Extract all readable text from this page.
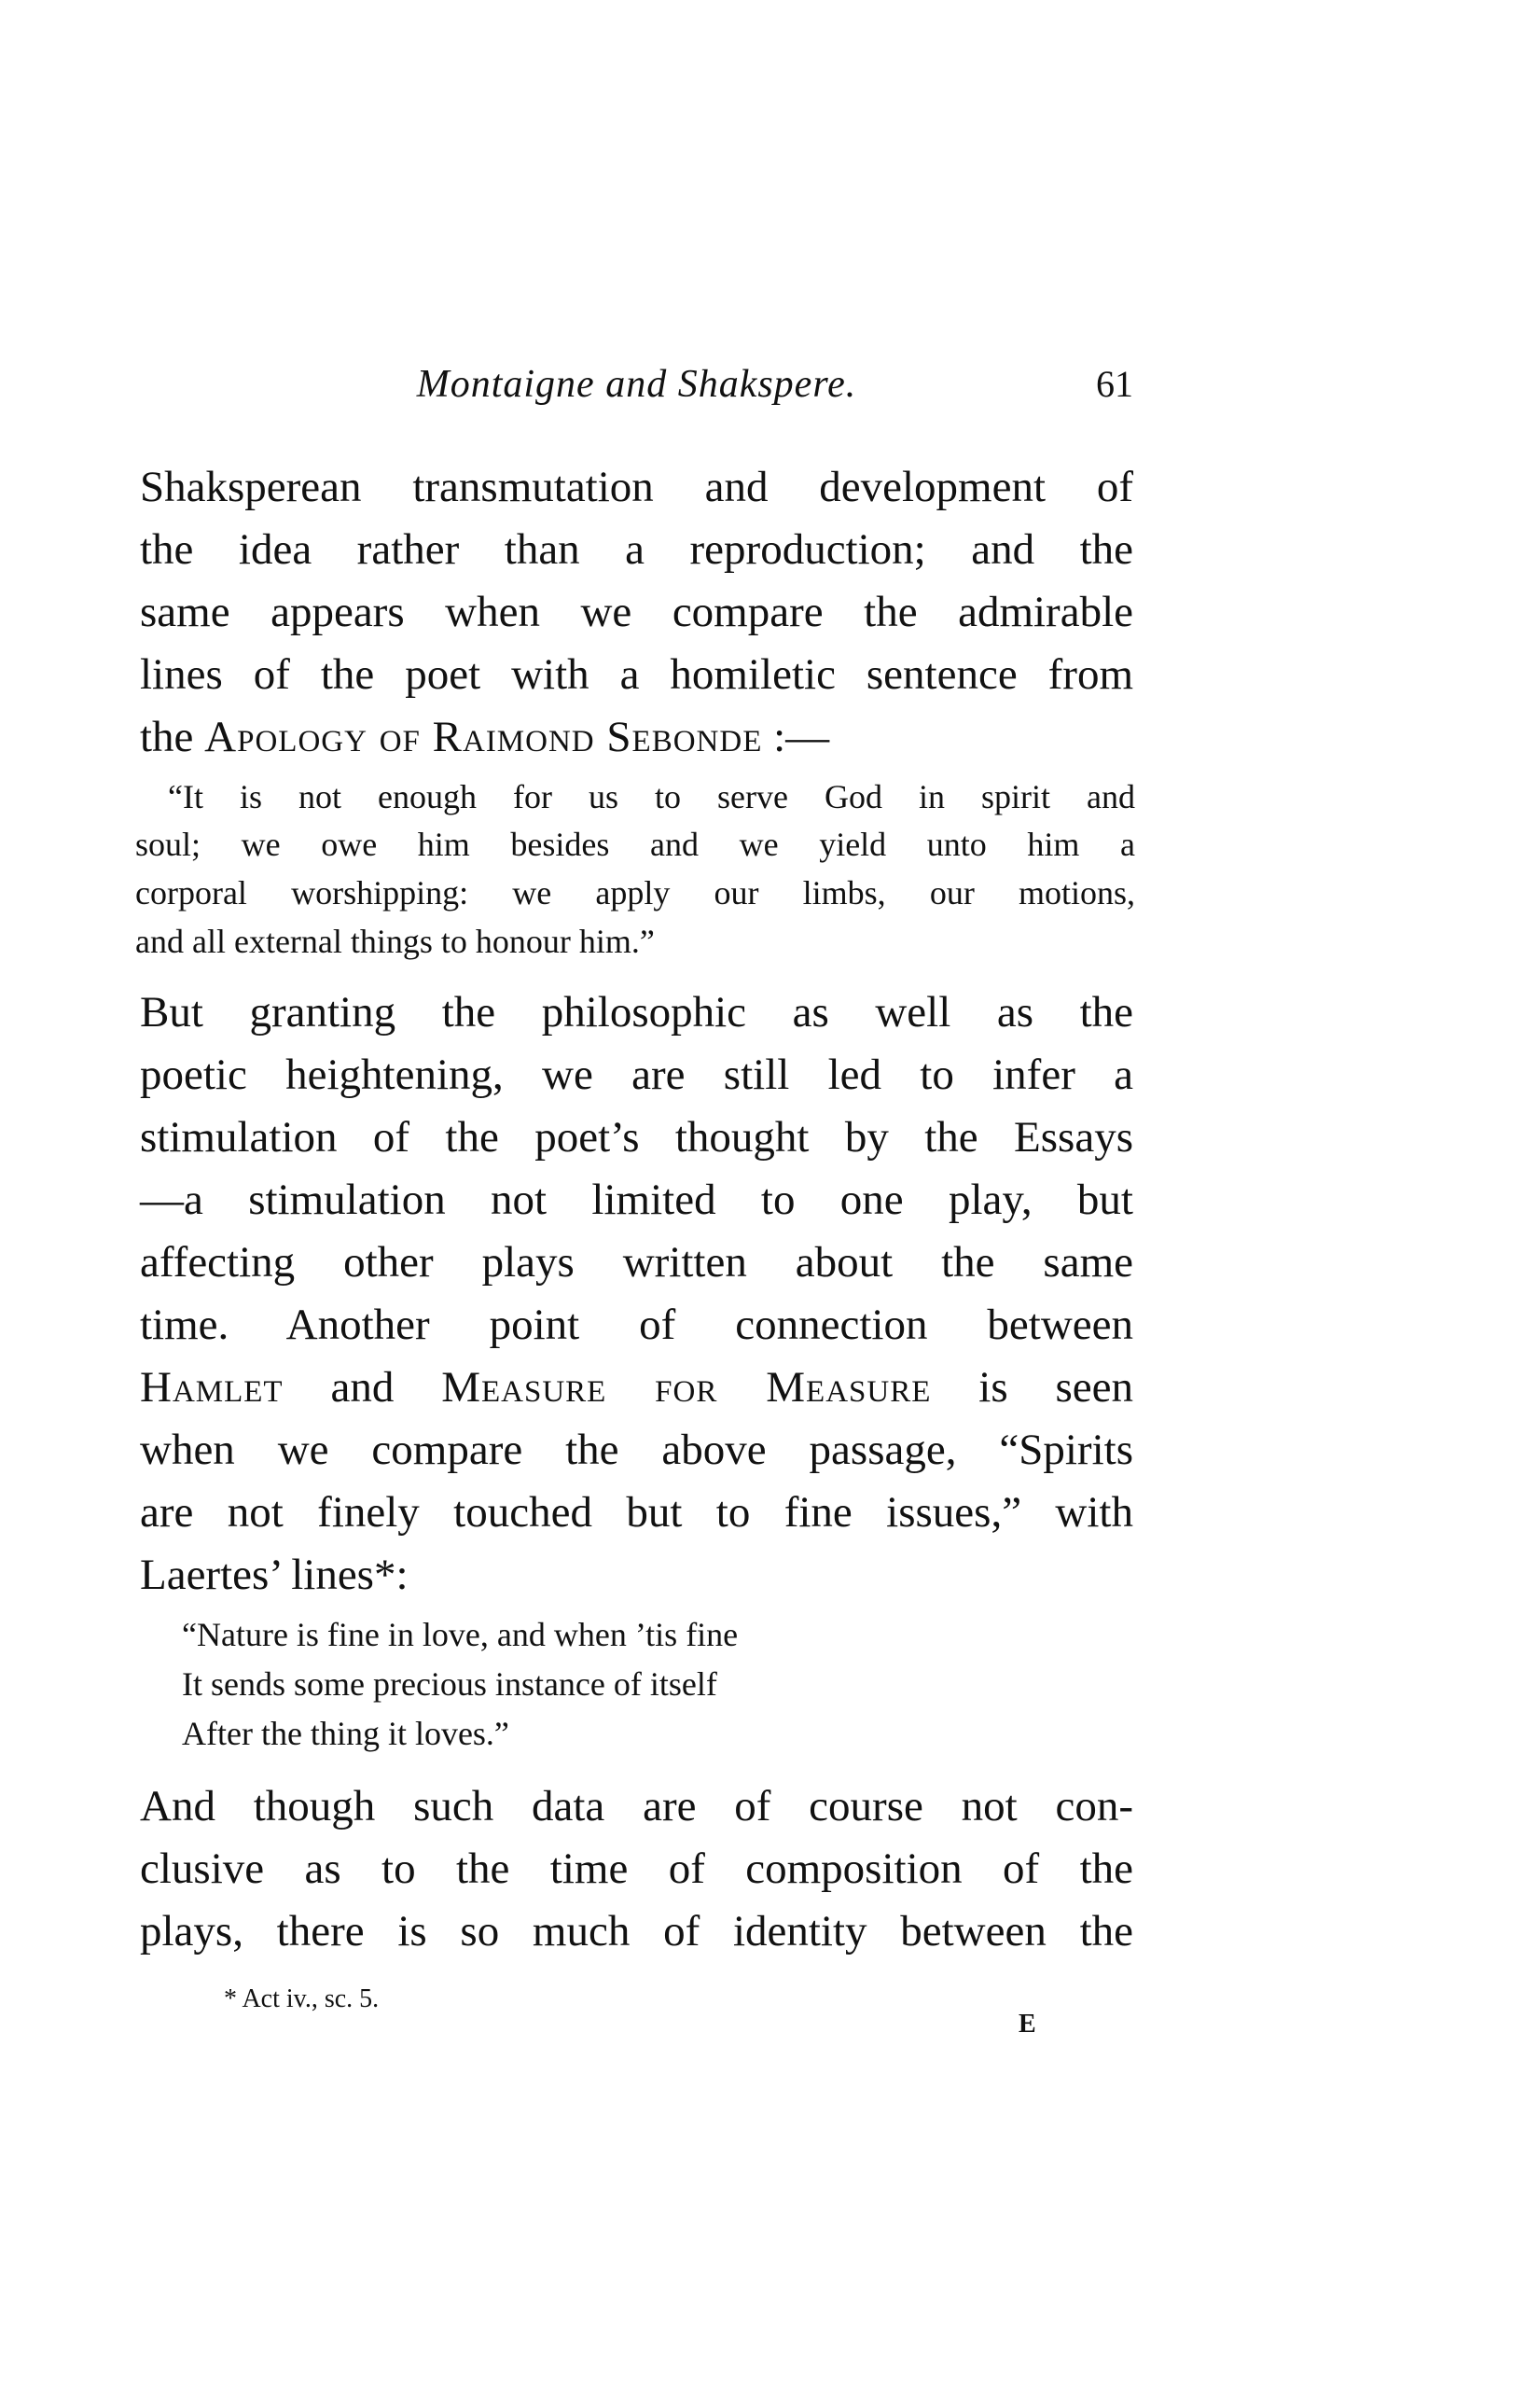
Montaigne and Shakspere.	61
Shaksperean transmutation and development of
the idea rather than a reproduction; and the
same appears when we compare the admirable
lines of the poet with a homiletic sentence from
the Apology of Raimond Sebonde :—
“It is not enough for us to serve God in spirit and
soul; we owe him besides and we yield unto him a
corporal worshipping: we apply our limbs, our motions,
and all external things to honour him.”
But granting the philosophic as well as the
poetic heightening, we are still led to infer a
stimulation of the poet’s thought by the Essays
—a stimulation not limited to one play, but
affecting other plays written about the same
time. Another point of connection between
Hamlet and Measure for Measure is seen
when we compare the above passage, “Spirits
are not finely touched but to fine issues,” with
Laertes’ lines*:
“Nature is fine in love, and when ’tis fine
It sends some precious instance of itself
After the thing it loves.”
And though such data are of course not con-
clusive as to the time of composition of the
plays, there is so much of identity between the
* Act iv., sc. 5.
E
